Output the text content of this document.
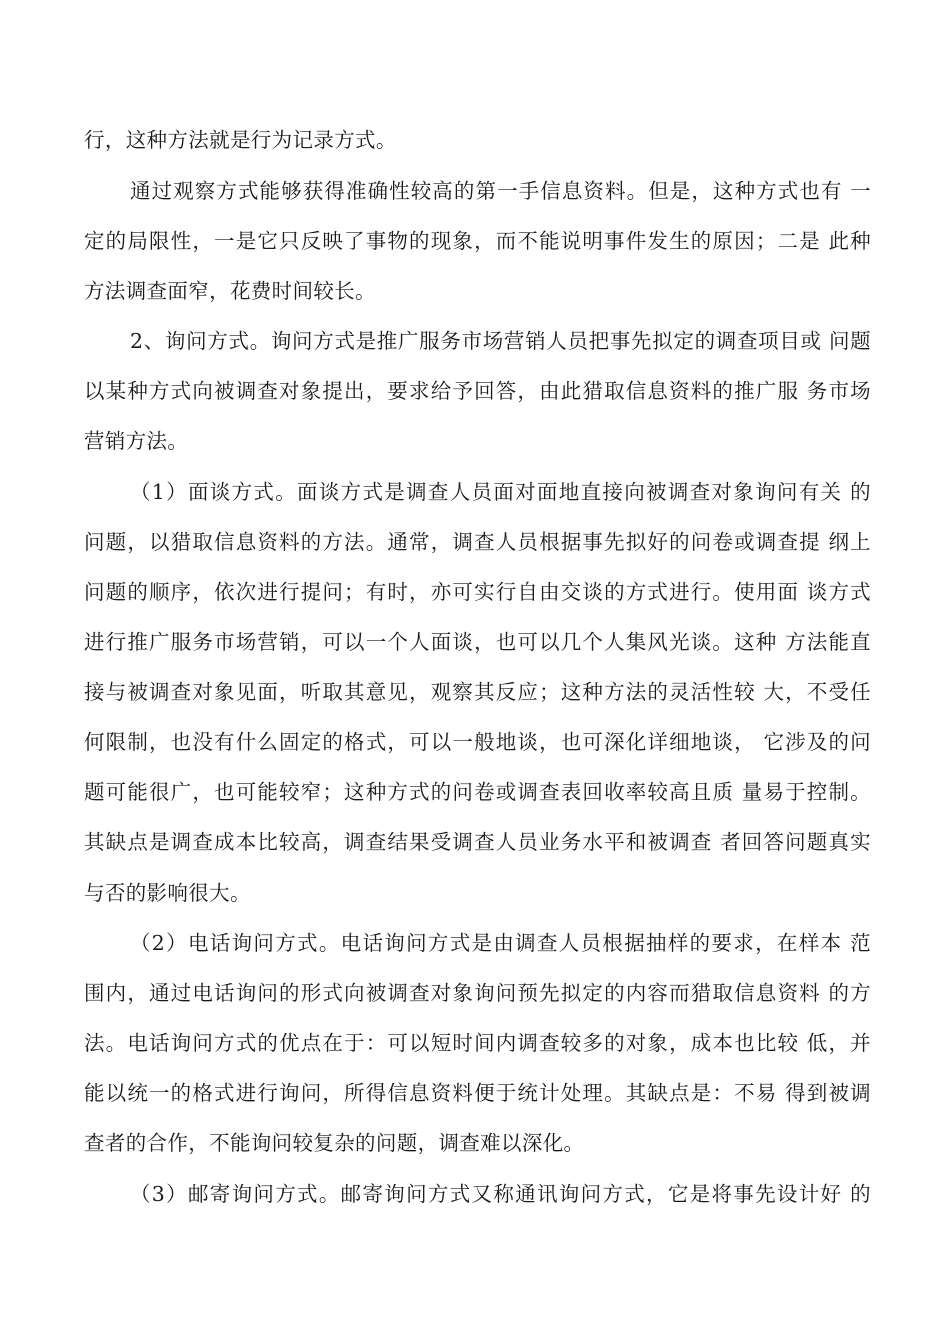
行，这种方法就是行为记录方式。
通过观察方式能够获得准确性较高的第一手信息资料。但是，这种方式也有 一
定的局限性，一是它只反映了事物的现象，而不能说明事件发生的原因；二是 此种
方法调查面窄，花费时间较长。
2、询问方式。询问方式是推广服务市场营销人员把事先拟定的调查项目或 问题
以某种方式向被调查对象提出，要求给予回答，由此猎取信息资料的推广服 务市场
营销方法。
（1）面谈方式。面谈方式是调查人员面对面地直接向被调查对象询问有关 的
问题，以猎取信息资料的方法。通常，调查人员根据事先拟好的问卷或调查提 纲上
问题的顺序，依次进行提问；有时，亦可实行自由交谈的方式进行。使用面 谈方式
进行推广服务市场营销，可以一个人面谈，也可以几个人集风光谈。这种 方法能直
接与被调查对象见面，听取其意见，观察其反应；这种方法的灵活性较 大，不受任
何限制，也没有什么固定的格式，可以一般地谈，也可深化详细地谈， 它涉及的问
题可能很广，也可能较窄；这种方式的问卷或调查表回收率较高且质 量易于控制。
其缺点是调查成本比较高，调查结果受调查人员业务水平和被调查 者回答问题真实
与否的影响很大。
（2）电话询问方式。电话询问方式是由调查人员根据抽样的要求，在样本 范
围内，通过电话询问的形式向被调查对象询问预先拟定的内容而猎取信息资料 的方
法。电话询问方式的优点在于：可以短时间内调查较多的对象，成本也比较 低，并
能以统一的格式进行询问，所得信息资料便于统计处理。其缺点是：不易 得到被调
查者的合作，不能询问较复杂的问题，调查难以深化。
（3）邮寄询问方式。邮寄询问方式又称通讯询问方式，它是将事先设计好 的
